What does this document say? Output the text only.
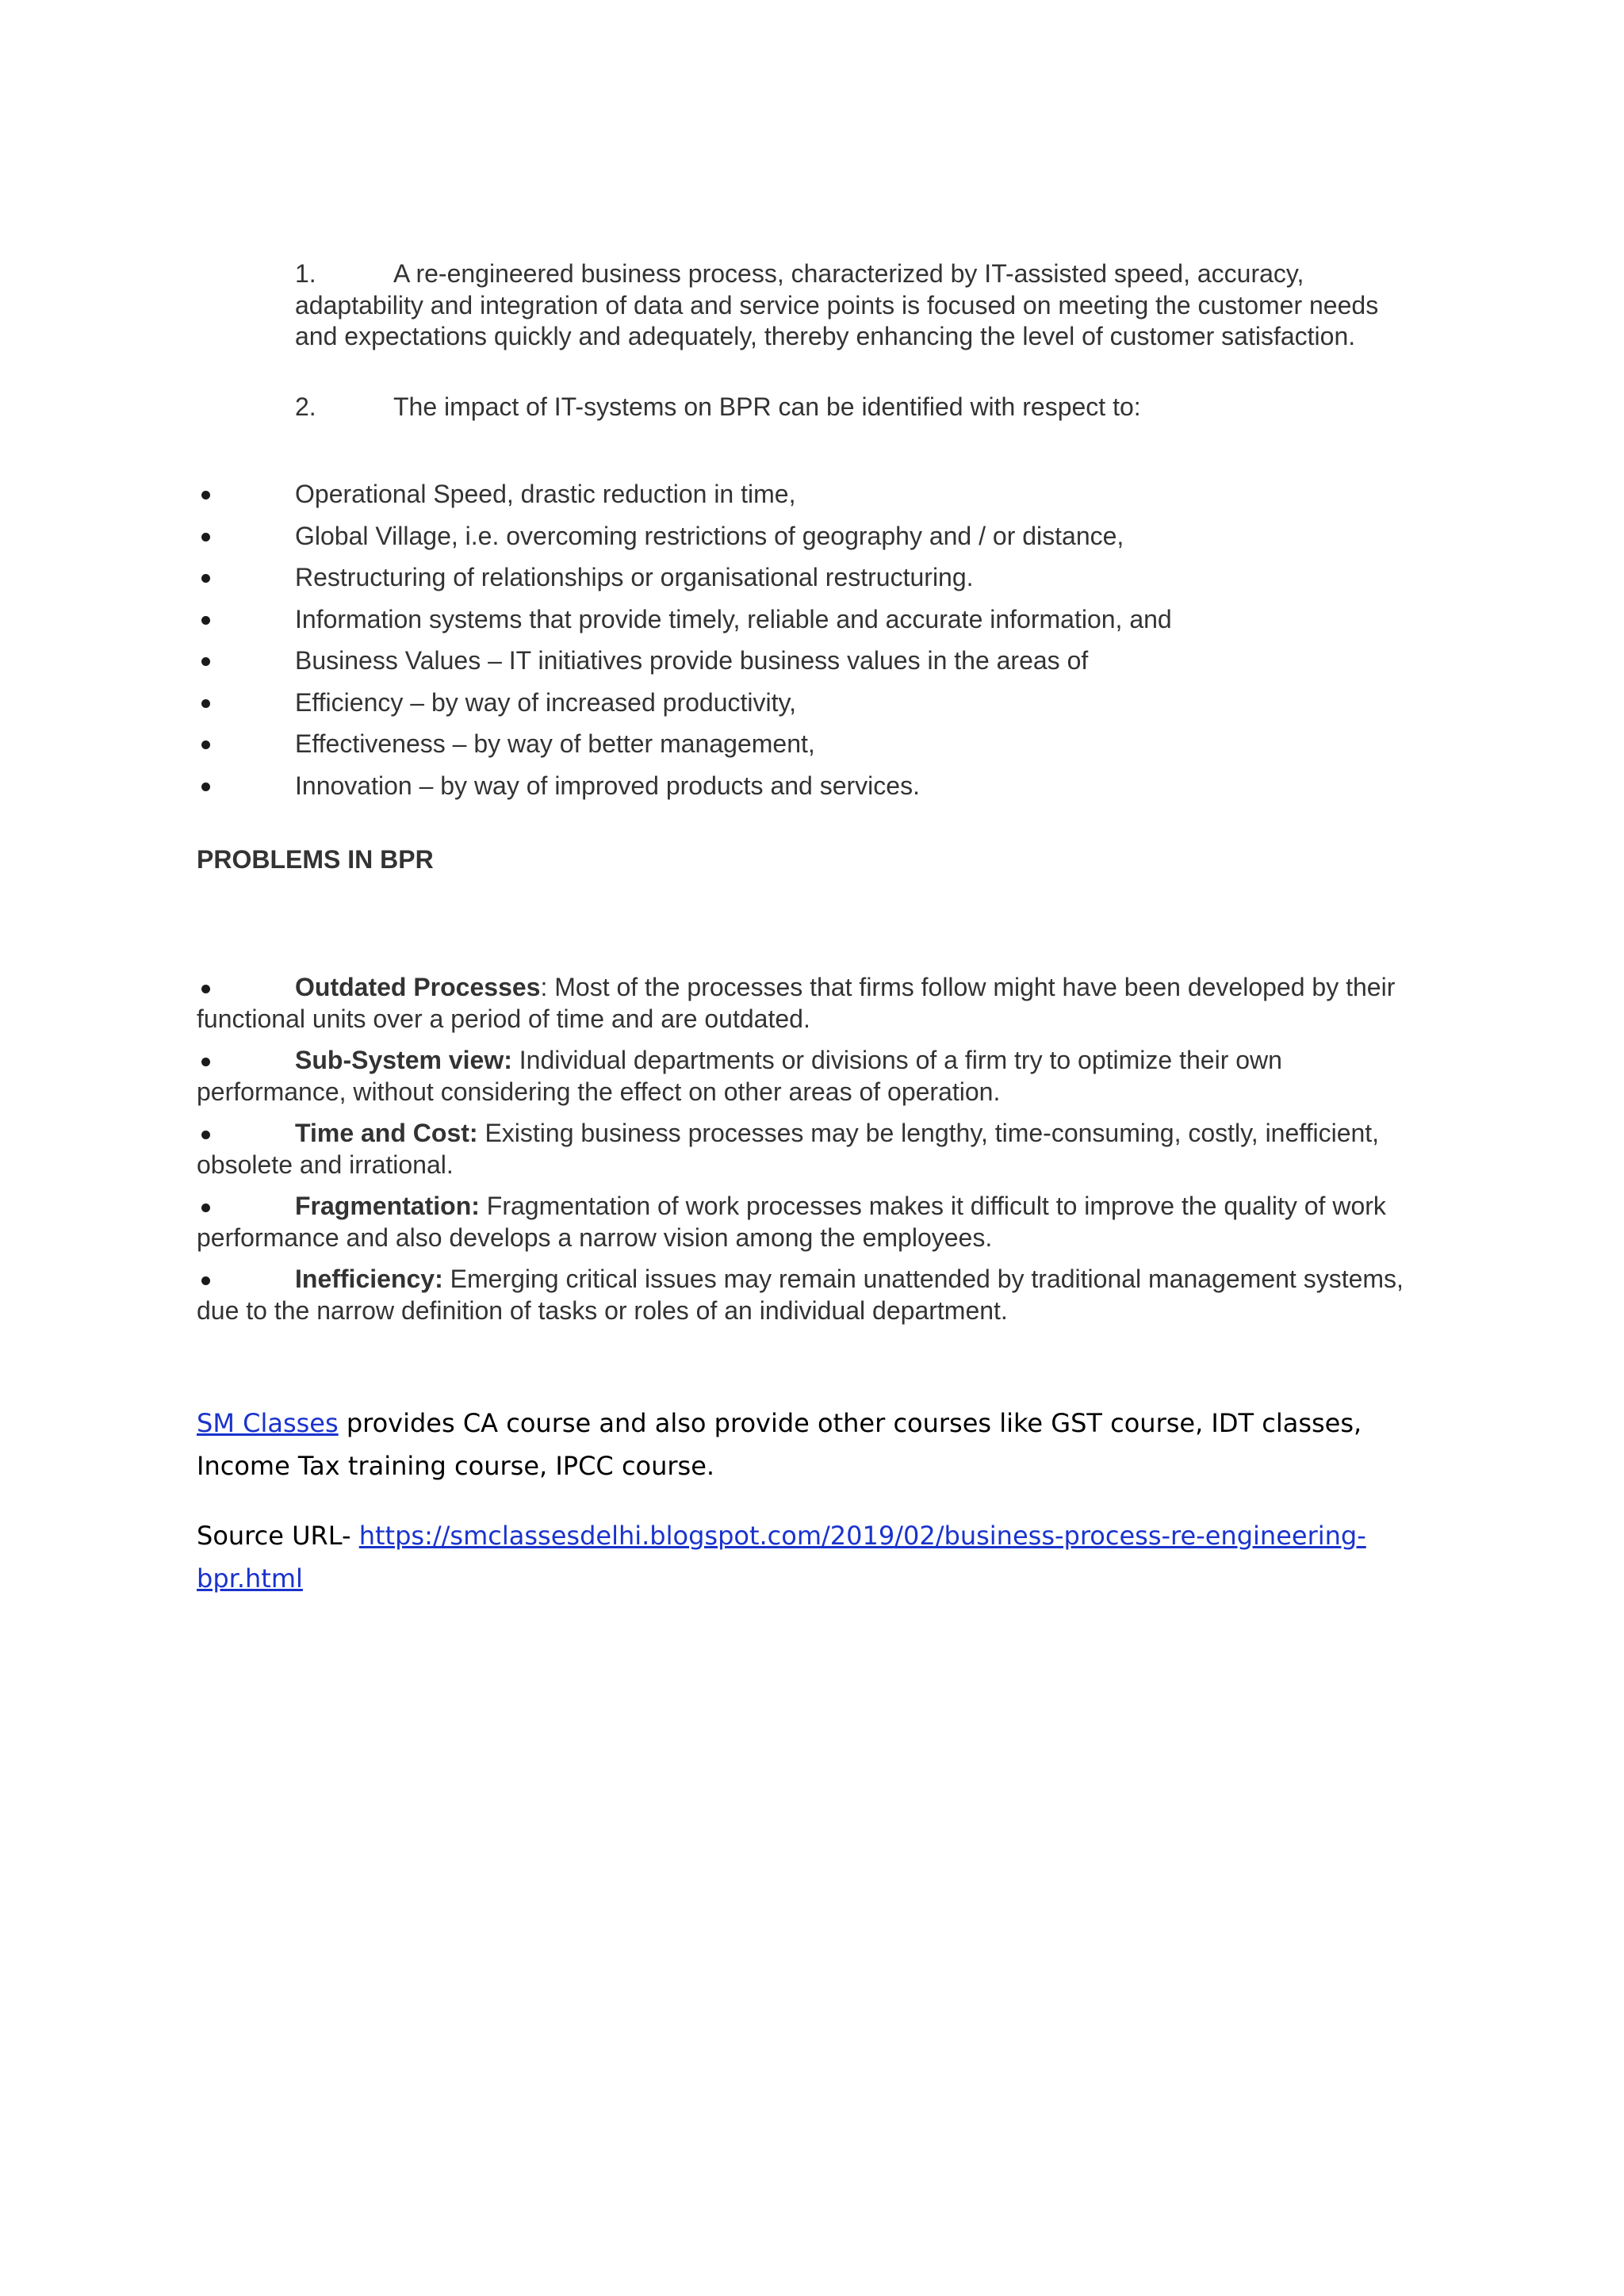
1.	A re-engineered business process, characterized by IT-assisted speed, accuracy, adaptability and integration of data and service points is focused on meeting the customer needs and expectations quickly and adequately, thereby enhancing the level of customer satisfaction.

2.	The impact of IT-systems on BPR can be identified with respect to:

Operational Speed, drastic reduction in time,
Global Village, i.e. overcoming restrictions of geography and / or distance,
Restructuring of relationships or organisational restructuring.
Information systems that provide timely, reliable and accurate information, and
Business Values – IT initiatives provide business values in the areas of
Efficiency – by way of increased productivity,
Effectiveness – by way of better management,
Innovation – by way of improved products and services.
PROBLEMS IN BPR
Outdated Processes: Most of the processes that firms follow might have been developed by their functional units over a period of time and are outdated.
Sub-System view: Individual departments or divisions of a firm try to optimize their own performance, without considering the effect on other areas of operation.
Time and Cost: Existing business processes may be lengthy, time-consuming, costly, inefficient, obsolete and irrational.
Fragmentation: Fragmentation of work processes makes it difficult to improve the quality of work performance and also develops a narrow vision among the employees.
Inefficiency: Emerging critical issues may remain unattended by traditional management systems, due to the narrow definition of tasks or roles of an individual department.

SM Classes provides CA course and also provide other courses like GST course, IDT classes, Income Tax training course, IPCC course.

Source URL- https://smclassesdelhi.blogspot.com/2019/02/business-process-re-engineering-bpr.html
